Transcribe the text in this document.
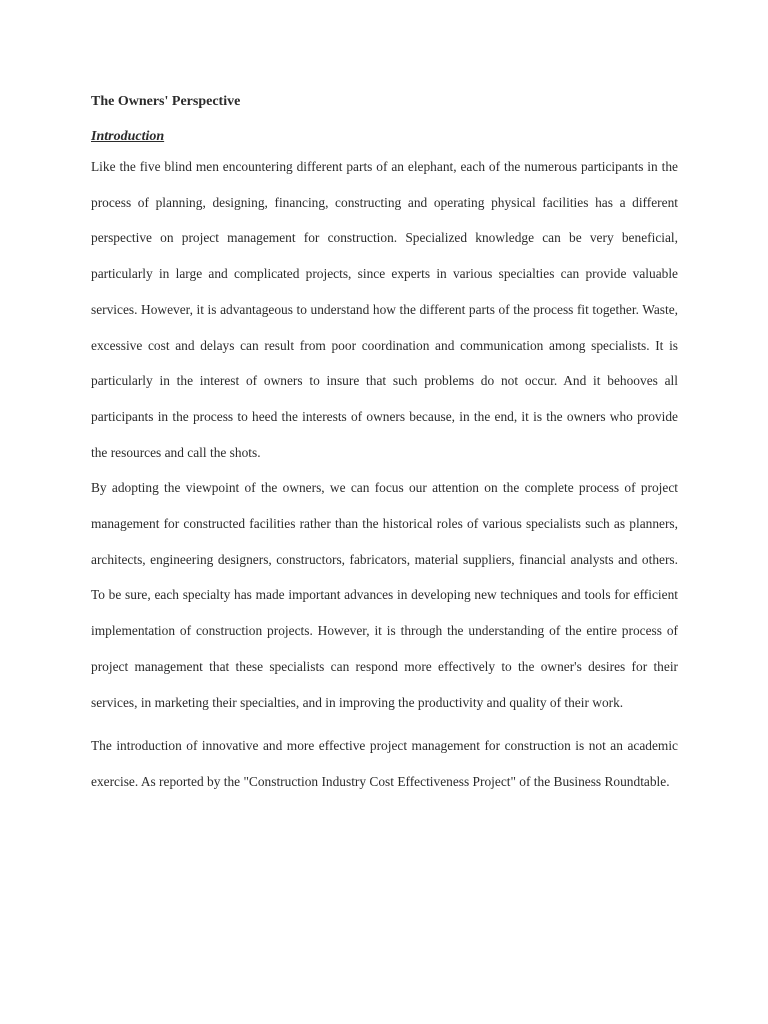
The Owners' Perspective
Introduction

Like the five blind men encountering different parts of an elephant, each of the numerous participants in the process of planning, designing, financing, constructing and operating physical facilities has a different perspective on project management for construction. Specialized knowledge can be very beneficial, particularly in large and complicated projects, since experts in various specialties can provide valuable services. However, it is advantageous to understand how the different parts of the process fit together. Waste, excessive cost and delays can result from poor coordination and communication among specialists. It is particularly in the interest of owners to insure that such problems do not occur. And it behooves all participants in the process to heed the interests of owners because, in the end, it is the owners who provide the resources and call the shots.

By adopting the viewpoint of the owners, we can focus our attention on the complete process of project management for constructed facilities rather than the historical roles of various specialists such as planners, architects, engineering designers, constructors, fabricators, material suppliers, financial analysts and others. To be sure, each specialty has made important advances in developing new techniques and tools for efficient implementation of construction projects. However, it is through the understanding of the entire process of project management that these specialists can respond more effectively to the owner's desires for their services, in marketing their specialties, and in improving the productivity and quality of their work.

The introduction of innovative and more effective project management for construction is not an academic exercise. As reported by the "Construction Industry Cost Effectiveness Project" of the Business Roundtable.
